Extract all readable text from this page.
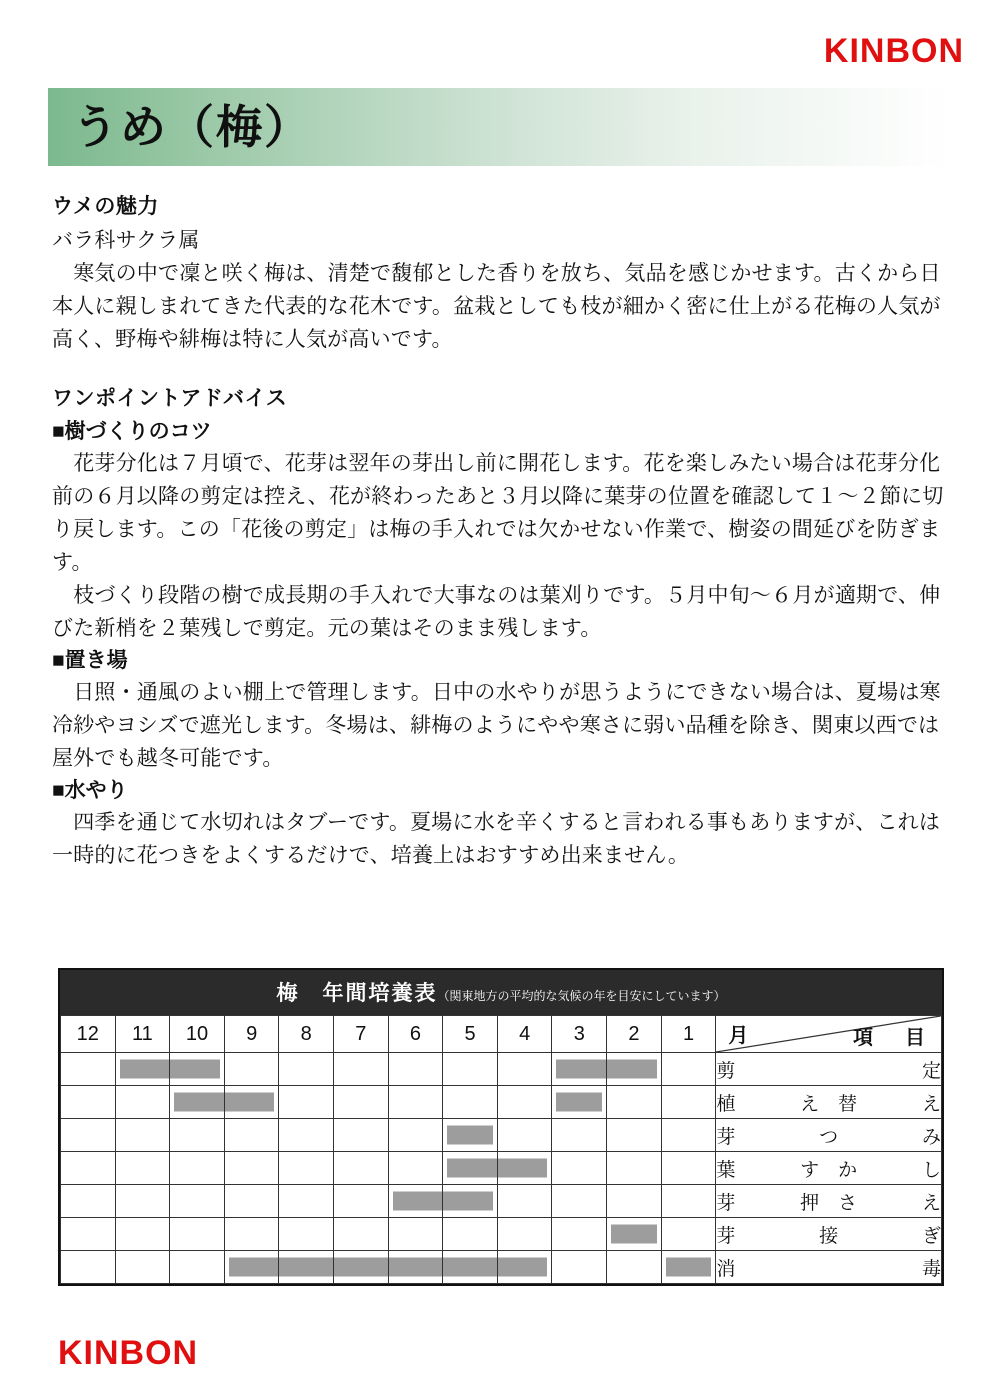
KINBON
うめ（梅）
ウメの魅力

バラ科サクラ属

　寒気の中で凜と咲く梅は、清楚で馥郁とした香りを放ち、気品を感じかせます。古くから日本人に親しまれてきた代表的な花木です。盆栽としても枝が細かく密に仕上がる花梅の人気が高く、野梅や緋梅は特に人気が高いです。

ワンポイントアドバイス

■樹づくりのコツ

　花芽分化は７月頃で、花芽は翌年の芽出し前に開花します。花を楽しみたい場合は花芽分化前の６月以降の剪定は控え、花が終わったあと３月以降に葉芽の位置を確認して１〜２節に切り戻します。この「花後の剪定」は梅の手入れでは欠かせない作業で、樹姿の間延びを防ぎます。

　枝づくり段階の樹で成長期の手入れで大事なのは葉刈りです。５月中旬〜６月が適期で、伸びた新梢を２葉残しで剪定。元の葉はそのまま残します。

■置き場

　日照・通風のよい棚上で管理します。日中の水やりが思うようにできない場合は、夏場は寒冷紗やヨシズで遮光します。冬場は、緋梅のようにやや寒さに弱い品種を除き、関東以西では屋外でも越冬可能です。

■水やり

　四季を通じて水切れはタブーです。夏場に水を辛くすると言われる事もありますが、これは一時的に花つきをよくするだけで、培養上はおすすめ出来ません。

梅　年間培養表（関東地方の平均的な気候の年を目安にしています）
12	11	10	9	8	7	6	5	4	3	2	1	月 項　目

												剪 定

												植 え　替 え

												芽 つ み

												葉 す　か し

												芽 押　さ え

												芽 接 ぎ

												消 毒
KINBON
